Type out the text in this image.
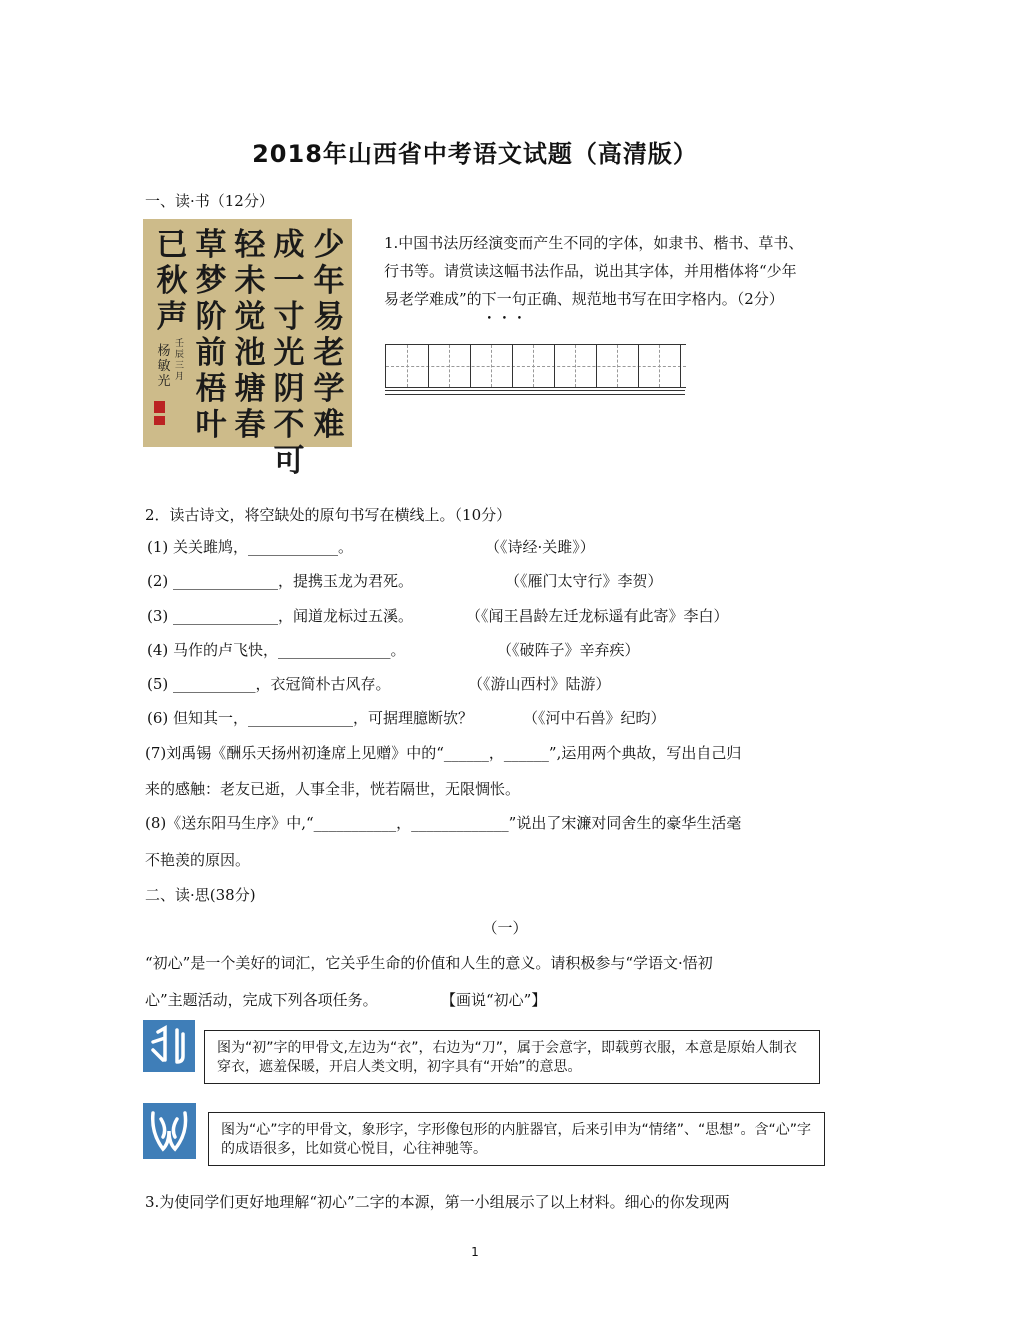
2018年山西省中考语文试题（高清版）
一、读·书（12分）
少年易老学难
成一寸光阴不可
轻未觉池塘春
草梦阶前梧叶
已秋声
壬辰三月
杨敏光
1.中国书法历经演变而产生不同的字体，如隶书、楷书、草书、行书等。请赏读这幅书法作品，说出其字体，并用楷体将“少年易老学难成”的下一句正确、规范地书写在田字格内。（2分）
2．读古诗文，将空缺处的原句书写在横线上。（10分）
(1) 关关雎鸠，____________。	（《诗经·关雎》）
(2) ______________，提携玉龙为君死。	（《雁门太守行》李贺）
(3) ______________，闻道龙标过五溪。	（《闻王昌龄左迁龙标遥有此寄》李白）
(4) 马作的卢飞快，_______________。	（《破阵子》辛弃疾）
(5) ___________，衣冠简朴古风存。	（《游山西村》陆游）
(6) 但知其一，______________，可据理臆断欤？	（《河中石兽》纪昀）
(7)刘禹锡《酬乐天扬州初逢席上见赠》中的“______，______”,运用两个典故，写出自己归
来的感触：老友已逝，人事全非，恍若隔世，无限惆怅。
(8)《送东阳马生序》中,“___________，_____________”说出了宋濂对同舍生的豪华生活毫
不艳羡的原因。
二、读·思(38分)
（一）
“初心”是一个美好的词汇，它关乎生命的价值和人生的意义。请积极参与“学语文·悟初
心”主题活动，完成下列各项任务。	【画说“初心”】
图为“初”字的甲骨文,左边为“衣”，右边为“刀”，属于会意字，即载剪衣服，本意是原始人制衣穿衣，遮羞保暖，开启人类文明，初字具有“开始”的意思。
图为“心”字的甲骨文，象形字，字形像包形的内脏器官，后来引申为“情绪”、“思想”。含“心”字的成语很多，比如赏心悦目，心往神驰等。
3.为使同学们更好地理解“初心”二字的本源，第一小组展示了以上材料。细心的你发现两
1
